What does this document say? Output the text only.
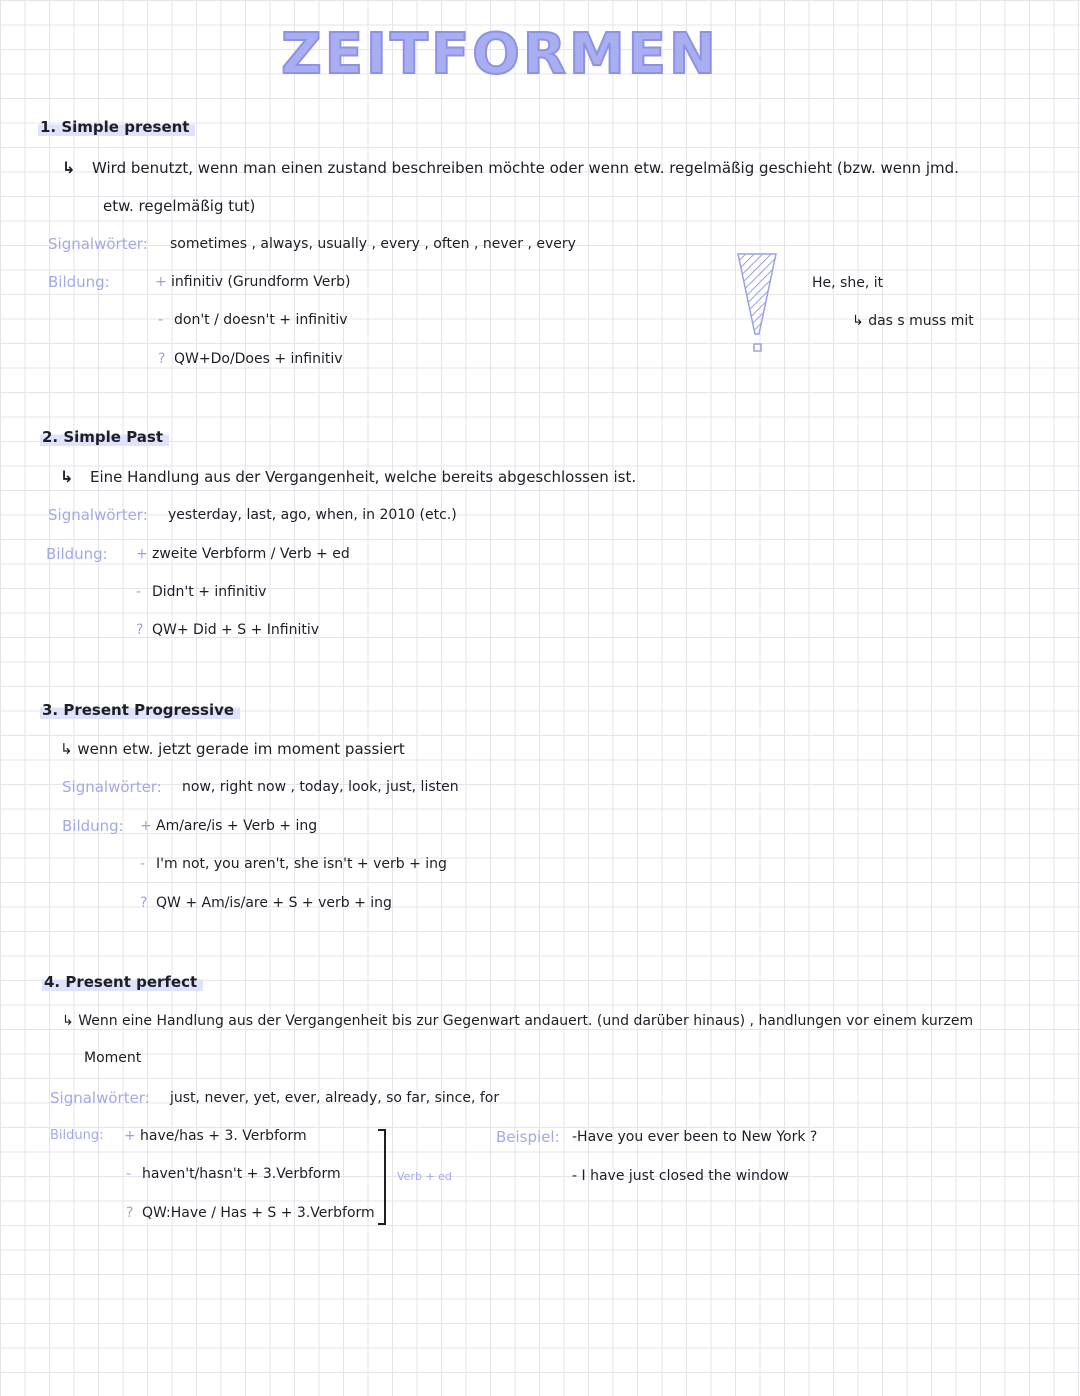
ZEITFORMEN
1. Simple present
↳ Wird benutzt, wenn man einen zustand beschreiben möchte oder wenn etw. regelmäßig geschieht (bzw. wenn jmd.
etw. regelmäßig tut)
Signalwörter: sometimes , always, usually , every , often , never , every
Bildung:	+ infinitiv (Grundform Verb)
- don't / doesn't + infinitiv
? QW+Do/Does + infinitiv
He, she, it
↳ das s muss mit
2. Simple Past
↳ Eine Handlung aus der Vergangenheit, welche bereits abgeschlossen ist.
Signalwörter: yesterday, last, ago, when, in 2010 (etc.)
Bildung: + zweite Verbform / Verb + ed
- Didn't + infinitiv
? QW+ Did + S + Infinitiv
3. Present Progressive
↳ wenn etw. jetzt gerade im moment passiert
Signalwörter: now, right now , today, look, just, listen
Bildung: + Am/are/is + Verb + ing
- I'm not, you aren't, she isn't + verb + ing
? QW + Am/is/are + S + verb + ing
4. Present perfect
↳ Wenn eine Handlung aus der Vergangenheit bis zur Gegenwart andauert. (und darüber hinaus) , handlungen vor einem kurzem
Moment
Signalwörter: just, never, yet, ever, already, so far, since, for
Bildung: + have/has + 3. Verbform
- haven't/hasn't + 3.Verbform
? QW:Have / Has + S + 3.Verbform
Verb + ed
Beispiel: -Have you ever been to New York ?
- I have just closed the window
